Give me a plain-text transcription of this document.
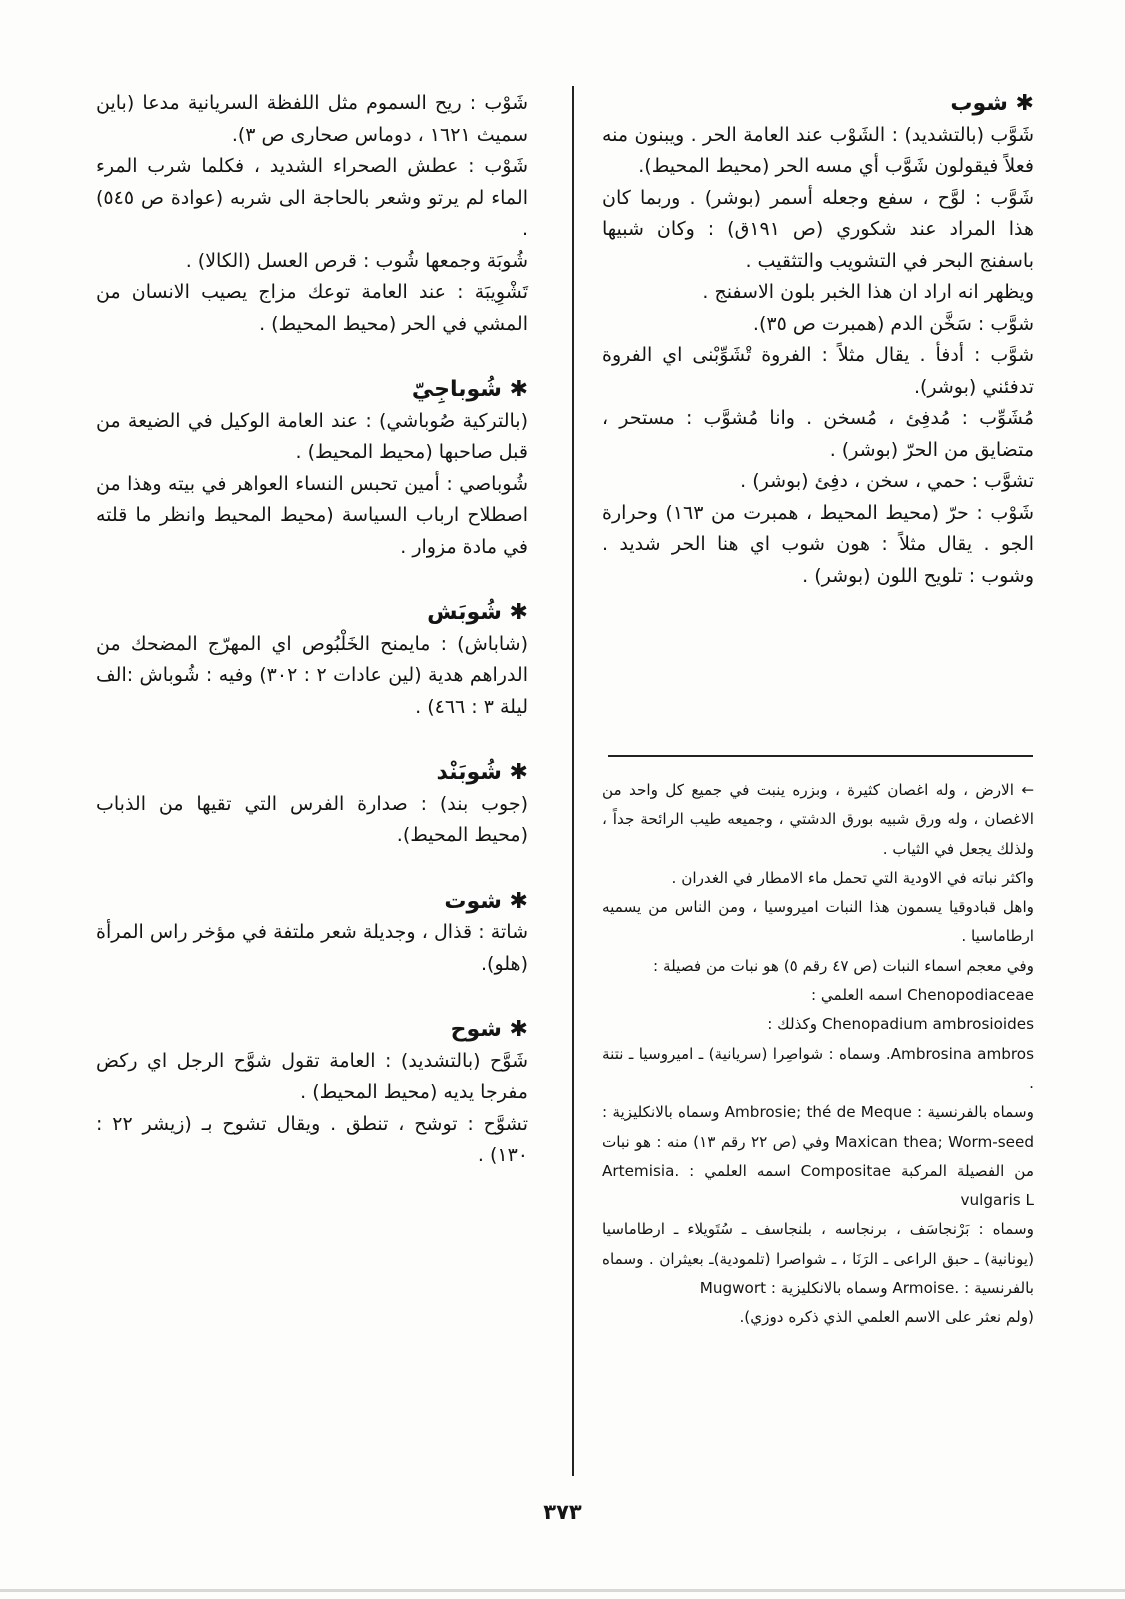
✱ شوب

شَوَّب (بالتشديد) : الشَوْب عند العامة الحر . ويبنون منه فعلاً فيقولون شَوَّب أي مسه الحر (محيط المحيط).

شَوَّب : لوَّح ، سفع وجعله أسمر (بوشر) . وربما كان هذا المراد عند شكوري (ص ١٩١ق) : وكان شبيها باسفنج البحر في التشويب والتثقيب .

ويظهر انه اراد ان هذا الخبر بلون الاسفنج .

شوَّب : سَخَّن الدم (همبرت ص ٣٥).

شوَّب : أدفأ . يقال مثلاً : الفروة تْشَوِّبْنى اي الفروة تدفئني (بوشر).

مُشَوِّب : مُدفِئ ، مُسخن . وانا مُشوَّب : مستحر ، متضايق من الحرّ (بوشر) .

تشوَّب : حمي ، سخن ، دفِئ (بوشر) .

شَوْب : حرّ (محيط المحيط ، همبرت من ١٦٣) وحرارة الجو . يقال مثلاً : هون شوب اي هنا الحر شديد . وشوب : تلويح اللون (بوشر) .

← الارض ، وله اغصان كثيرة ، وبزره ينبت في جميع كل واحد من الاغصان ، وله ورق شبيه بورق الدشتي ، وجميعه طيب الرائحة جداً ، ولذلك يجعل في الثياب .

واكثر نباته في الاودية التي تحمل ماء الامطار في الغدران .

واهل قبادوقيا يسمون هذا النبات اميروسيا ، ومن الناس من يسميه ارطاماسيا .

وفي معجم اسماء النبات (ص ٤٧ رقم ٥) هو نبات من فصيلة :

Chenopodiaceae اسمه العلمي :

Chenopadium ambrosioides وكذلك :

Ambrosina ambros. وسماه : شواصِرا (سريانية) ـ اميروسيا ـ نتنة .

وسماه بالفرنسية : Ambrosie; thé de Meque وسماه بالانكليزية : Maxican thea; Worm-seed وفي (ص ٢٢ رقم ١٣) منه : هو نبات من الفصيلة المركبة Compositae اسمه العلمي : .Artemisia vulgaris L

وسماه : بَرْنجاسَف ، برنجاسه ، بلنجاسف ـ سُتَويلاء ـ ارطاماسيا (يونانية) ـ حبق الراعى ـ الرَنَا ، ـ شواصرا (تلمودية)ـ بعيثران . وسماه بالفرنسية : .Armoise وسماه بالانكليزية : Mugwort

(ولم نعثر على الاسم العلمي الذي ذكره دوزي).

شَوْب : ريح السموم مثل اللفظة السريانية مدعا (باين سميث ١٦٢١ ، دوماس صحارى ص ٣).

شَوْب : عطش الصحراء الشديد ، فكلما شرب المرء الماء لم يرتو وشعر بالحاجة الى شربه (عوادة ص ٥٤٥) .

شُوبَة وجمعها شُوب : قرص العسل (الكالا) .

تَشْوِيبَة : عند العامة توعك مزاج يصيب الانسان من المشي في الحر (محيط المحيط) .

✱ شُوباجِيّ

(بالتركية صُوباشي) : عند العامة الوكيل في الضيعة من قبل صاحبها (محيط المحيط) .

شُوباصي : أمين تحبس النساء العواهر في بيته وهذا من اصطلاح ارباب السياسة (محيط المحيط وانظر ما قلته في مادة مزوار .

✱ شُوبَش

(شاباش) : مايمنح الخَلْبُوص اي المهرّج المضحك من الدراهم هدية (لين عادات ٢ : ٣٠٢) وفيه : شُوباش :الف ليلة ٣ : ٤٦٦) .

✱ شُوبَنْد

(جوب بند) : صدارة الفرس التي تقيها من الذباب (محيط المحيط).

✱ شوت

شاتة : قذال ، وجديلة شعر ملتفة في مؤخر راس المرأة (هلو).

✱ شوح

شَوَّح (بالتشديد) : العامة تقول شوَّح الرجل اي ركض مفرجا يديه (محيط المحيط) .

تشوَّح : توشح ، تنطق . ويقال تشوح بـ (زيشر ٢٢ : ١٣٠) .

٣٧٣
